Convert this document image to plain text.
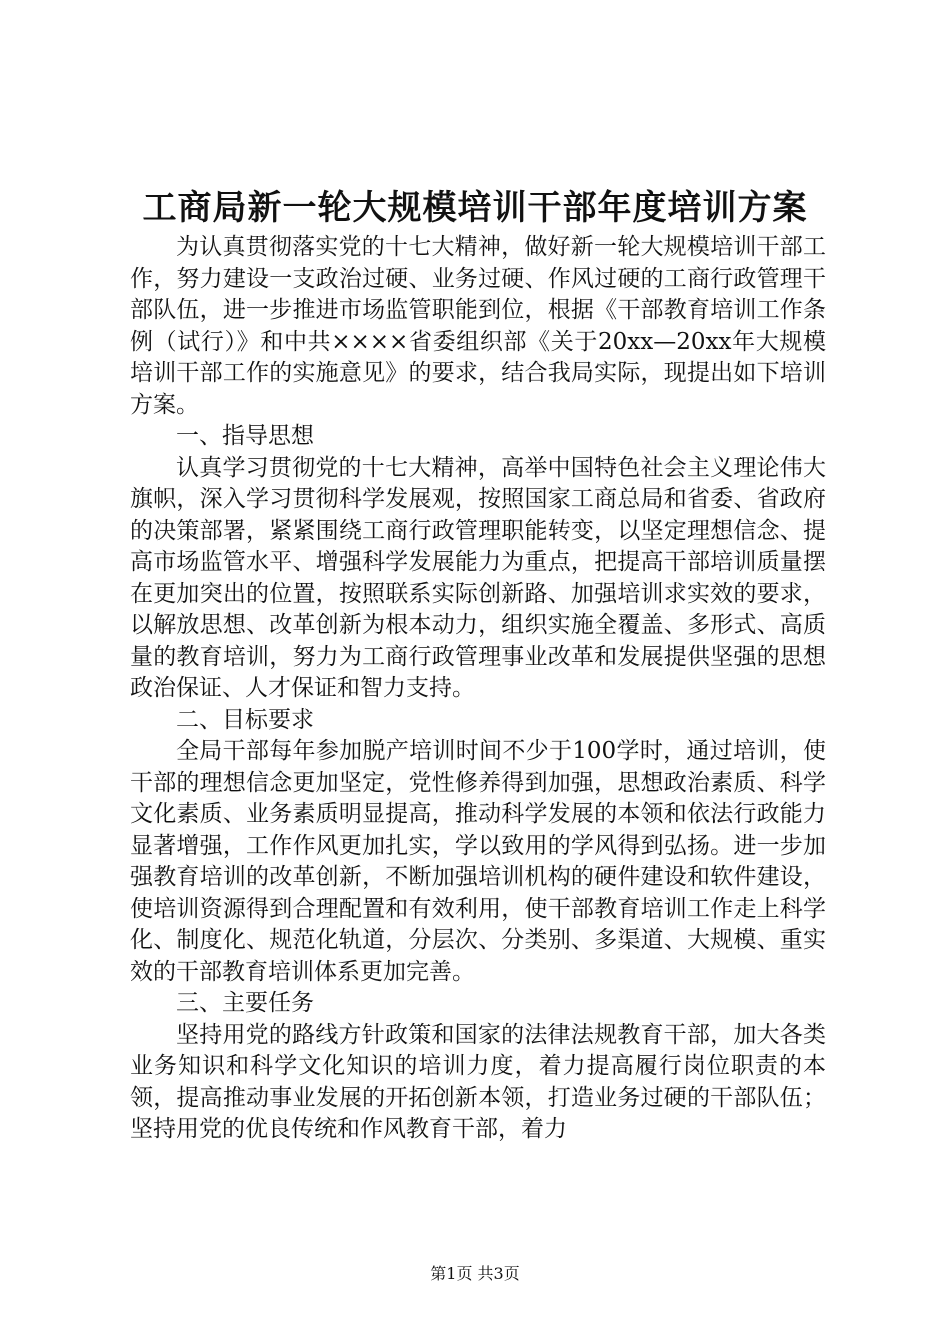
工商局新一轮大规模培训干部年度培训方案

为认真贯彻落实党的十七大精神，做好新一轮大规模培训干部工作，努力建设一支政治过硬、业务过硬、作风过硬的工商行政管理干部队伍，进一步推进市场监管职能到位，根据《干部教育培训工作条例（试行）》和中共××××省委组织部《关于20xx—20xx年大规模培训干部工作的实施意见》的要求，结合我局实际，现提出如下培训方案。

一、指导思想

认真学习贯彻党的十七大精神，高举中国特色社会主义理论伟大旗帜，深入学习贯彻科学发展观，按照国家工商总局和省委、省政府的决策部署，紧紧围绕工商行政管理职能转变，以坚定理想信念、提高市场监管水平、增强科学发展能力为重点，把提高干部培训质量摆在更加突出的位置，按照联系实际创新路、加强培训求实效的要求，以解放思想、改革创新为根本动力，组织实施全覆盖、多形式、高质量的教育培训，努力为工商行政管理事业改革和发展提供坚强的思想政治保证、人才保证和智力支持。

二、目标要求

全局干部每年参加脱产培训时间不少于100学时，通过培训，使干部的理想信念更加坚定，党性修养得到加强，思想政治素质、科学文化素质、业务素质明显提高，推动科学发展的本领和依法行政能力显著增强，工作作风更加扎实，学以致用的学风得到弘扬。进一步加强教育培训的改革创新，不断加强培训机构的硬件建设和软件建设，使培训资源得到合理配置和有效利用，使干部教育培训工作走上科学化、制度化、规范化轨道，分层次、分类别、多渠道、大规模、重实效的干部教育培训体系更加完善。

三、主要任务

坚持用党的路线方针政策和国家的法律法规教育干部，加大各类业务知识和科学文化知识的培训力度，着力提高履行岗位职责的本领，提高推动事业发展的开拓创新本领，打造业务过硬的干部队伍；坚持用党的优良传统和作风教育干部，着力

第1页 共3页
